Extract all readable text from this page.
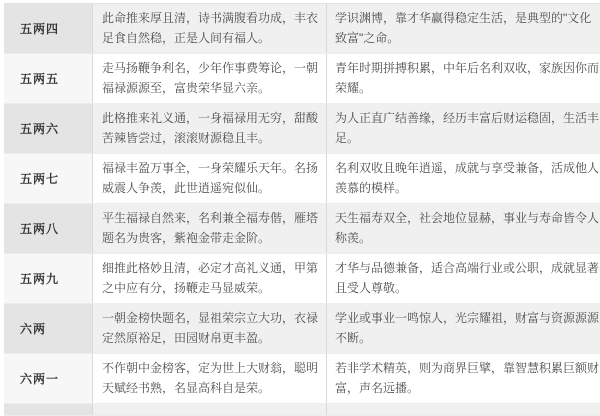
五两四
此命推来厚且清，诗书满腹看功成，丰衣足食自然稳，正是人间有福人。
学识渊博，靠才华赢得稳定生活，是典型的"文化致富"之命。
五两五
走马扬鞭争利名，少年作事费筹论，一朝福禄源源至，富贵荣华显六亲。
青年时期拼搏积累，中年后名利双收，家族因你而荣耀。
五两六
此格推来礼义通，一身福禄用无穷，甜酸苦辣皆尝过，滚滚财源稳且丰。
为人正直广结善缘，经历丰富后财运稳固，生活丰足。
五两七
福禄丰盈万事全，一身荣耀乐天年。名扬威震人争羡，此世逍遥宛似仙。
名利双收且晚年逍遥，成就与享受兼备，活成他人羡慕的模样。
五两八
平生福禄自然来，名利兼全福寿偕，雁塔题名为贵客，紫袍金带走金阶。
天生福寿双全，社会地位显赫，事业与寿命皆令人称羡。
五两九
细推此格妙且清，必定才高礼义通，甲第之中应有分，扬鞭走马显威荣。
才华与品德兼备，适合高端行业或公职，成就显著且受人尊敬。
六两
一朝金榜快题名，显祖荣宗立大功，衣禄定然原裕足，田园财帛更丰盈。
学业或事业一鸣惊人，光宗耀祖，财富与资源源源不断。
六两一
不作朝中金榜客，定为世上大财翁，聪明天赋经书熟，名显高科自是荣。
若非学术精英，则为商界巨擘，靠智慧积累巨额财富，声名远播。
